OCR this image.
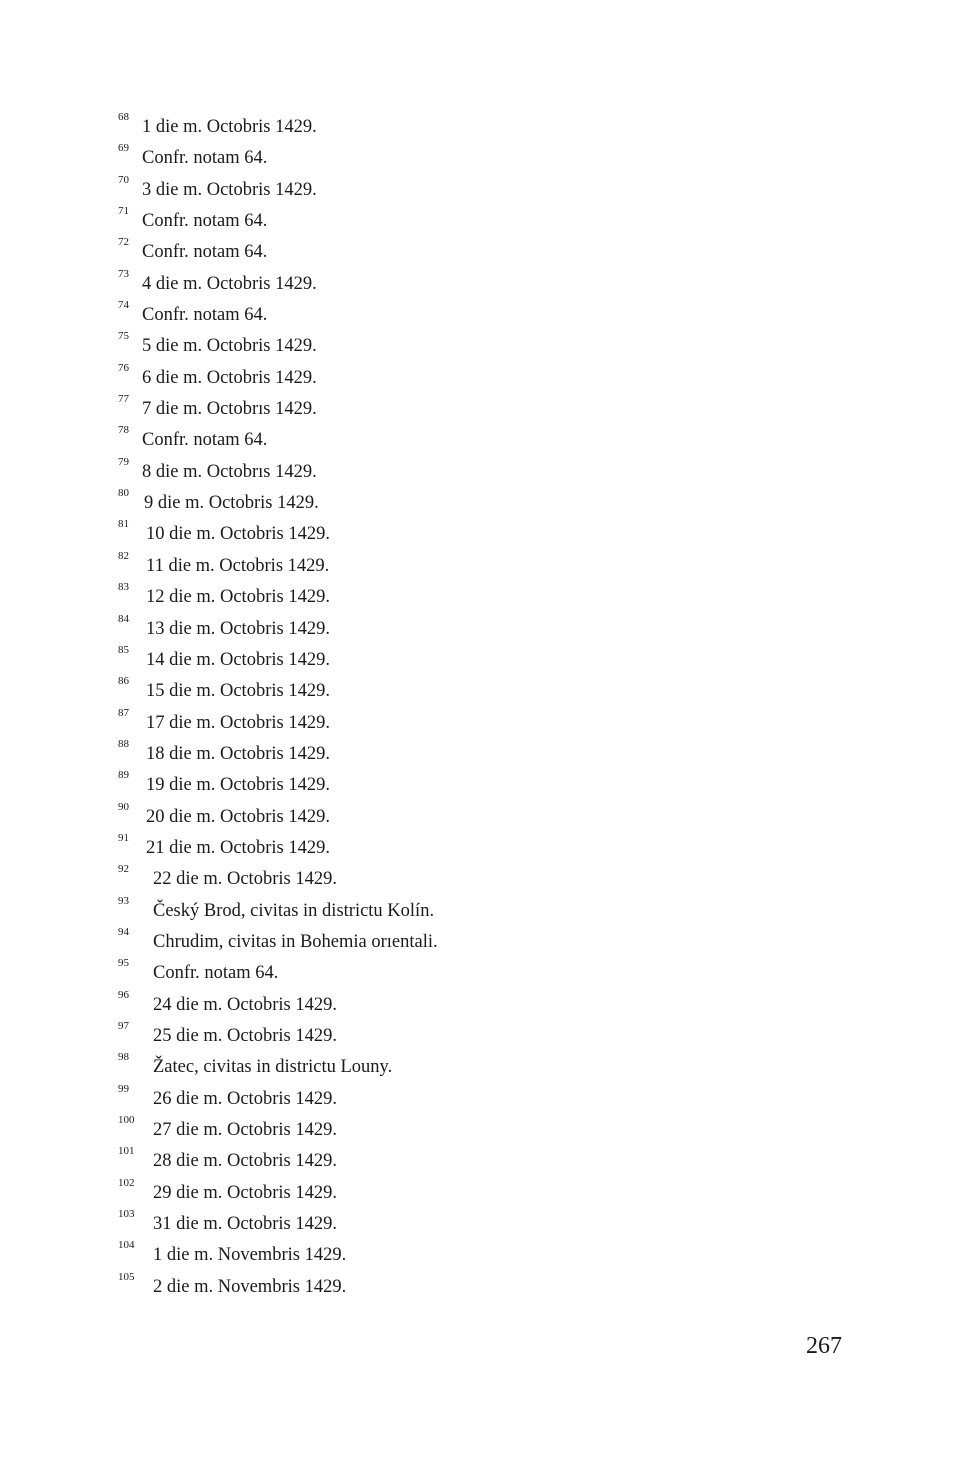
68 1 die m. Octobris 1429.
69 Confr. notam 64.
70 3 die m. Octobris 1429.
71 Confr. notam 64.
72 Confr. notam 64.
73 4 die m. Octobris 1429.
74 Confr. notam 64.
75 5 die m. Octobris 1429.
76 6 die m. Octobris 1429.
77 7 die m. Octobrıs 1429.
78 Confr. notam 64.
79 8 die m. Octobrıs 1429.
80 9 die m. Octobris 1429.
81 10 die m. Octobris 1429.
82 11 die m. Octobris 1429.
83 12 die m. Octobris 1429.
84 13 die m. Octobris 1429.
85 14 die m. Octobris 1429.
86 15 die m. Octobris 1429.
87 17 die m. Octobris 1429.
88 18 die m. Octobris 1429.
89 19 die m. Octobris 1429.
90 20 die m. Octobris 1429.
91 21 die m. Octobris 1429.
92 22 die m. Octobris 1429.
93 Český Brod, civitas in districtu Kolín.
94 Chrudim, civitas in Bohemia orıentali.
95 Confr. notam 64.
96 24 die m. Octobris 1429.
97 25 die m. Octobris 1429.
98 Žatec, civitas in districtu Louny.
99 26 die m. Octobris 1429.
100 27 die m. Octobris 1429.
101 28 die m. Octobris 1429.
102 29 die m. Octobris 1429.
103 31 die m. Octobris 1429.
104 1 die m. Novembris 1429.
105 2 die m. Novembris 1429.
267
